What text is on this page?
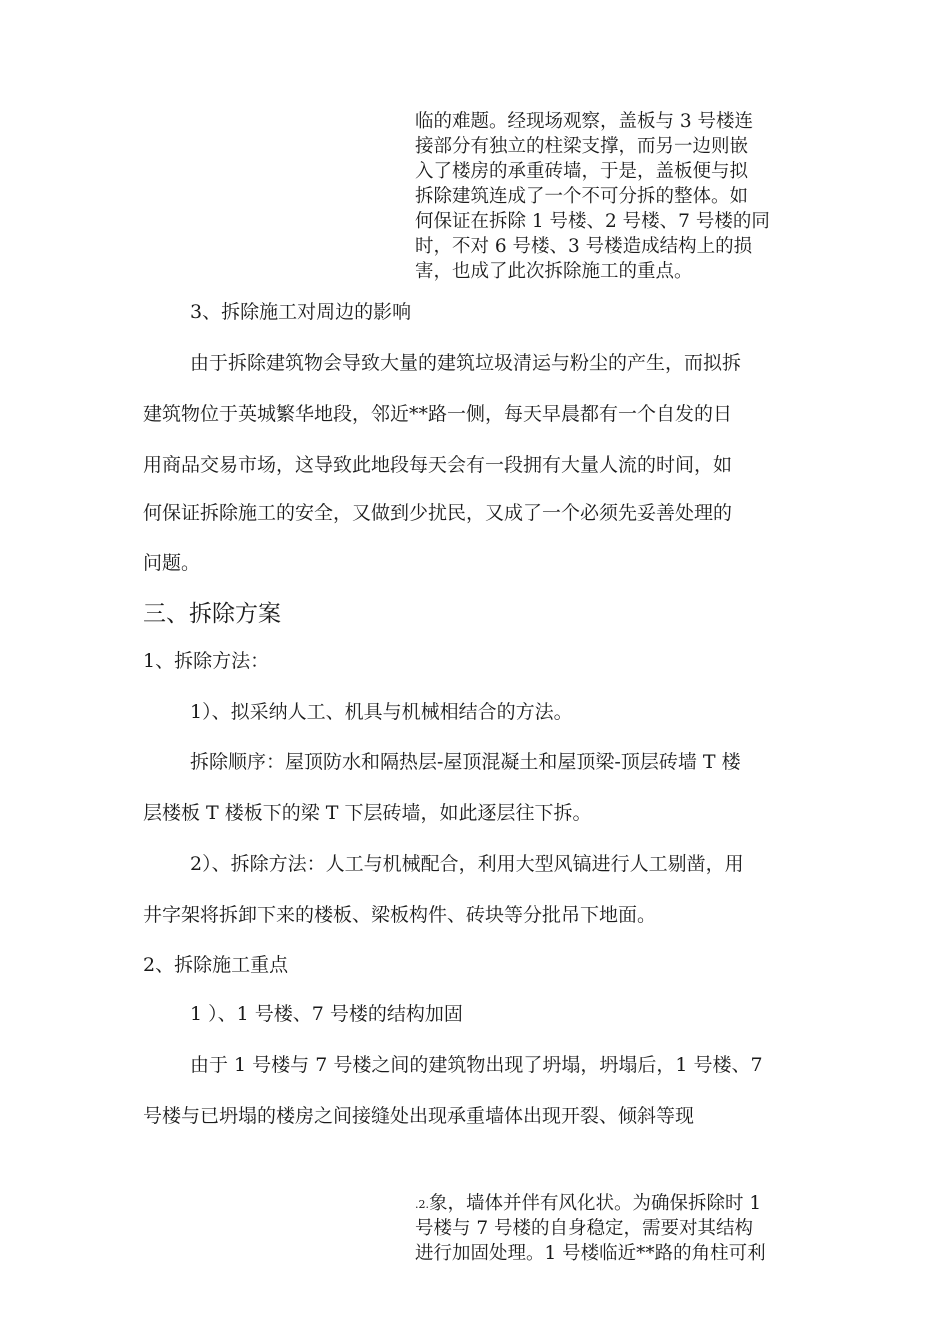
临的难题。经现场观察，盖板与 3 号楼连
接部分有独立的柱梁支撑，而另一边则嵌
入了楼房的承重砖墙，于是，盖板便与拟
拆除建筑连成了一个不可分拆的整体。如
何保证在拆除 1 号楼、2 号楼、7 号楼的同
时，不对 6 号楼、3 号楼造成结构上的损
害，也成了此次拆除施工的重点。
3、拆除施工对周边的影响
由于拆除建筑物会导致大量的建筑垃圾清运与粉尘的产生，而拟拆
建筑物位于英城繁华地段，邻近**路一侧，每天早晨都有一个自发的日
用商品交易市场，这导致此地段每天会有一段拥有大量人流的时间，如
何保证拆除施工的安全，又做到少扰民，又成了一个必须先妥善处理的
问题。
三、拆除方案
1、拆除方法：
1）、拟采纳人工、机具与机械相结合的方法。
拆除顺序：屋顶防水和隔热层-屋顶混凝土和屋顶梁-顶层砖墙 T 楼
层楼板 T 楼板下的梁 T 下层砖墙，如此逐层往下拆。
2）、拆除方法：人工与机械配合，利用大型风镐进行人工剔凿，用
井字架将拆卸下来的楼板、梁板构件、砖块等分批吊下地面。
2、拆除施工重点
1 ）、1 号楼、7 号楼的结构加固
由于 1 号楼与 7 号楼之间的建筑物出现了坍塌，坍塌后，1 号楼、7
号楼与已坍塌的楼房之间接缝处出现承重墙体出现开裂、倾斜等现
.2.象，墙体并伴有风化状。为确保拆除时 1
号楼与 7 号楼的自身稳定，需要对其结构
进行加固处理。1 号楼临近**路的角柱可利
